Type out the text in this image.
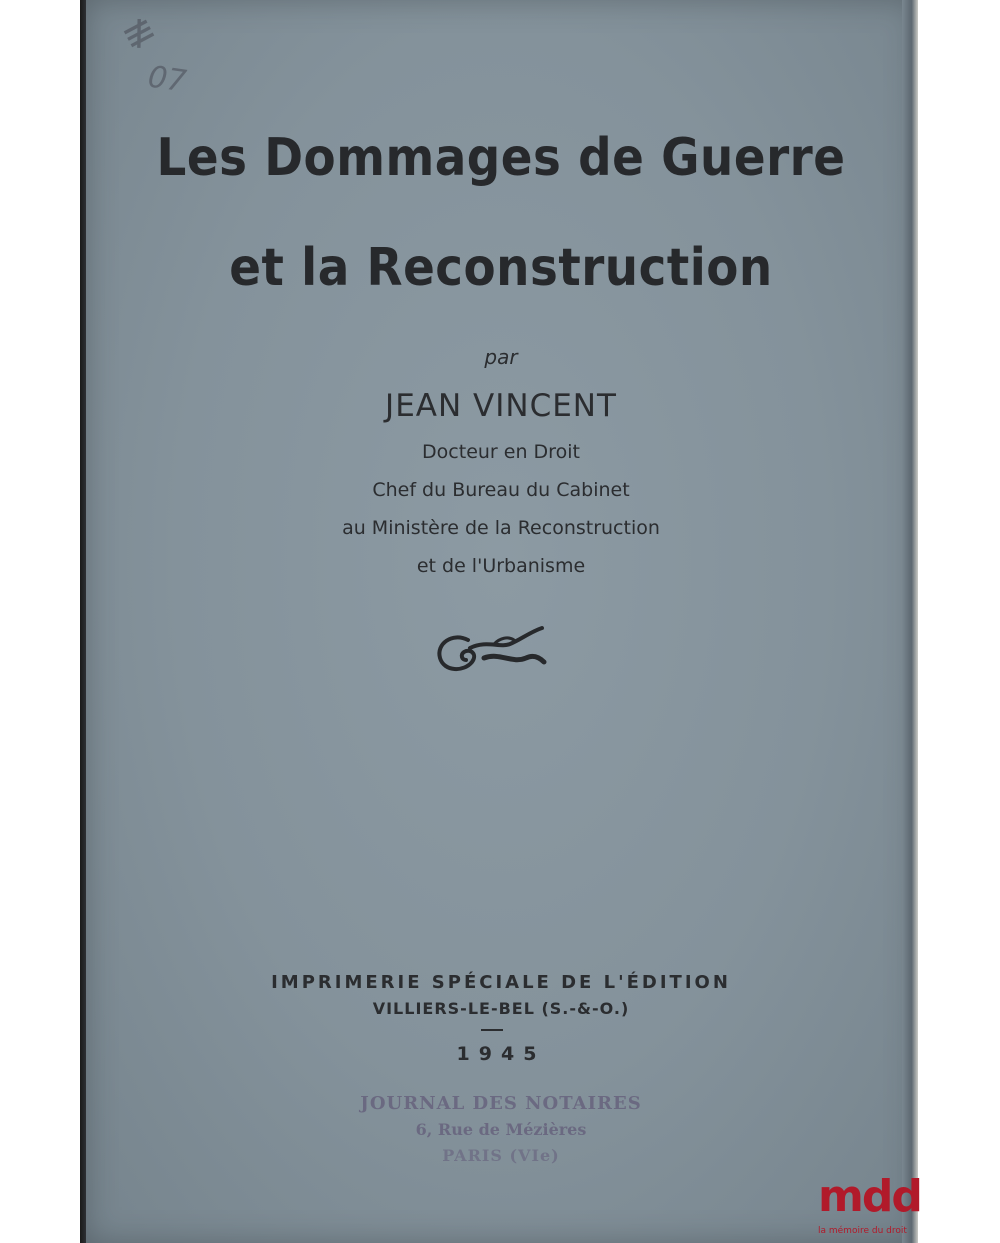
≢
07
Les Dommages de Guerre
et la Reconstruction
par
JEAN VINCENT
Docteur en Droit
Chef du Bureau du Cabinet
au Ministère de la Reconstruction
et de l'Urbanisme
IMPRIMERIE SPÉCIALE DE L'ÉDITION
VILLIERS-LE-BEL (S.-&-O.)
1945
JOURNAL DES NOTAIRES
6, Rue de Mézières
PARIS (VIe)
mdd
la mémoire du droit
